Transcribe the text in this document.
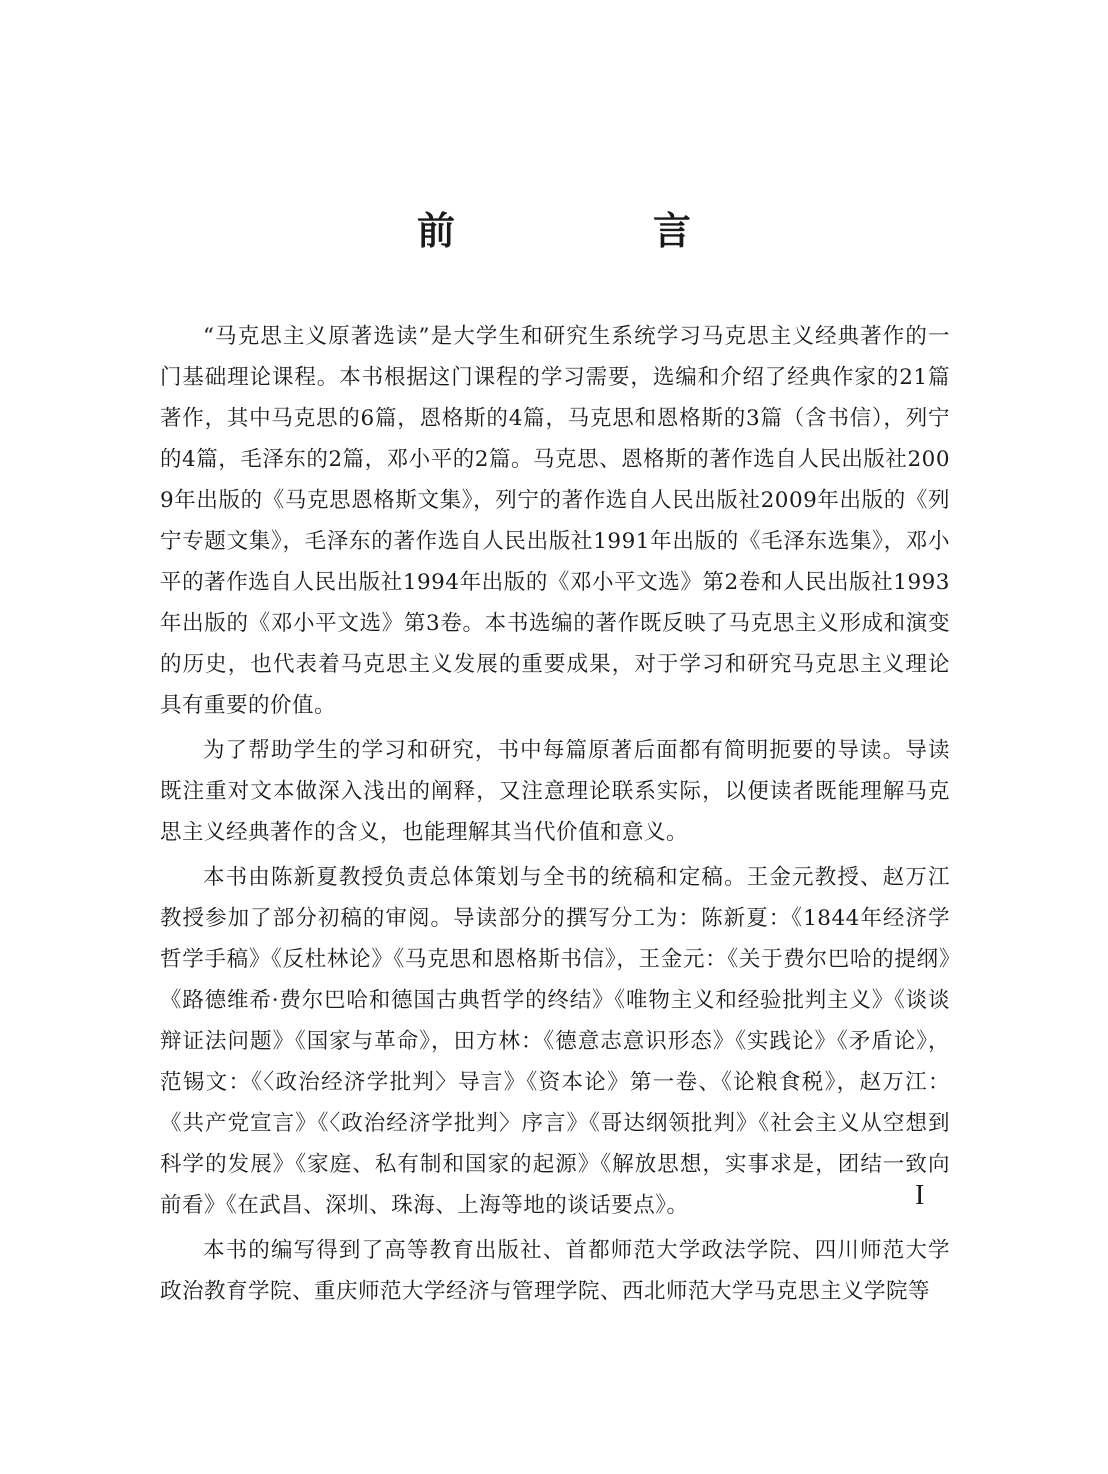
前　言

“马克思主义原著选读”是大学生和研究生系统学习马克思主义经典著作的一门基础理论课程。本书根据这门课程的学习需要，选编和介绍了经典作家的21篇著作，其中马克思的6篇，恩格斯的4篇，马克思和恩格斯的3篇（含书信），列宁的4篇，毛泽东的2篇，邓小平的2篇。马克思、恩格斯的著作选自人民出版社2009年出版的《马克思恩格斯文集》，列宁的著作选自人民出版社2009年出版的《列宁专题文集》，毛泽东的著作选自人民出版社1991年出版的《毛泽东选集》，邓小平的著作选自人民出版社1994年出版的《邓小平文选》第2卷和人民出版社1993年出版的《邓小平文选》第3卷。本书选编的著作既反映了马克思主义形成和演变的历史，也代表着马克思主义发展的重要成果，对于学习和研究马克思主义理论具有重要的价值。

为了帮助学生的学习和研究，书中每篇原著后面都有简明扼要的导读。导读既注重对文本做深入浅出的阐释，又注意理论联系实际，以便读者既能理解马克思主义经典著作的含义，也能理解其当代价值和意义。

本书由陈新夏教授负责总体策划与全书的统稿和定稿。王金元教授、赵万江教授参加了部分初稿的审阅。导读部分的撰写分工为：陈新夏：《1844年经济学哲学手稿》《反杜林论》《马克思和恩格斯书信》，王金元：《关于费尔巴哈的提纲》《路德维希·费尔巴哈和德国古典哲学的终结》《唯物主义和经验批判主义》《谈谈辩证法问题》《国家与革命》，田方林：《德意志意识形态》《实践论》《矛盾论》，范锡文：《〈政治经济学批判〉导言》《资本论》第一卷、《论粮食税》，赵万江：《共产党宣言》《〈政治经济学批判〉序言》《哥达纲领批判》《社会主义从空想到科学的发展》《家庭、私有制和国家的起源》《解放思想，实事求是，团结一致向前看》《在武昌、深圳、珠海、上海等地的谈话要点》。

本书的编写得到了高等教育出版社、首都师范大学政法学院、四川师范大学政治教育学院、重庆师范大学经济与管理学院、西北师范大学马克思主义学院等

I
